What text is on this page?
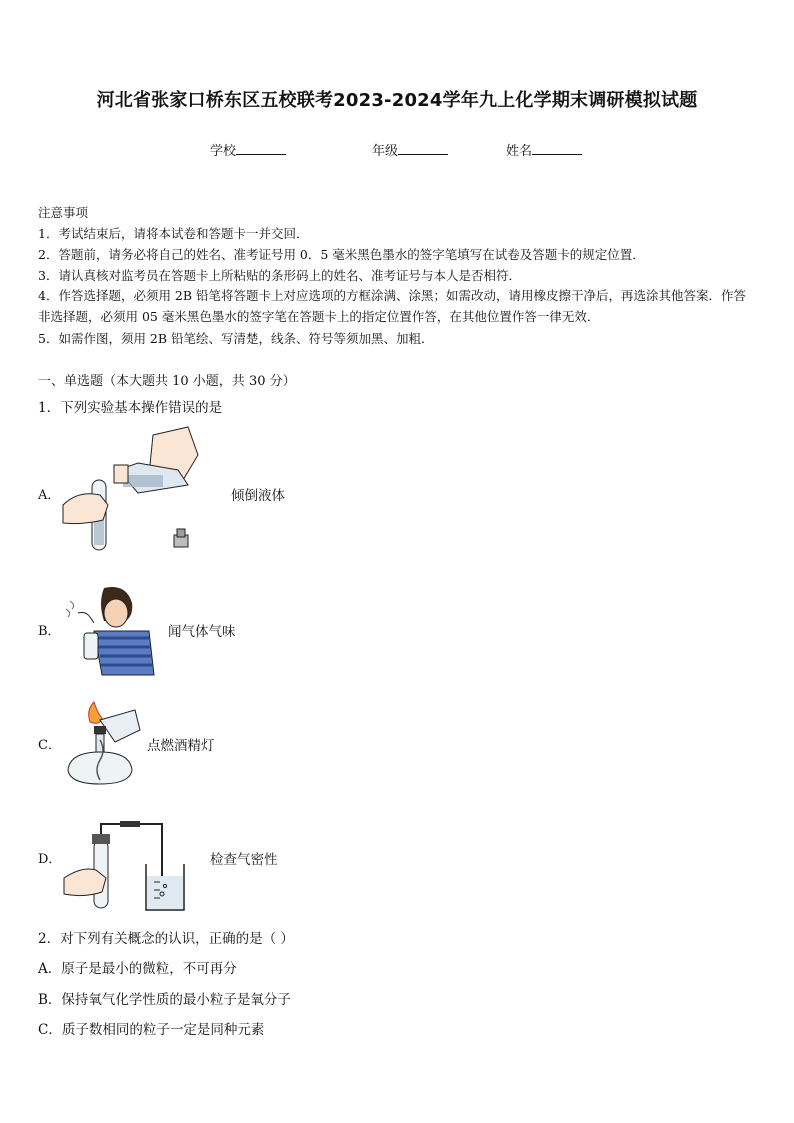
河北省张家口桥东区五校联考2023-2024学年九上化学期末调研模拟试题
学校	年级	姓名
注意事项
1．考试结束后，请将本试卷和答题卡一并交回．
2．答题前，请务必将自己的姓名、准考证号用 0．5 毫米黑色墨水的签字笔填写在试卷及答题卡的规定位置．
3．请认真核对监考员在答题卡上所粘贴的条形码上的姓名、准考证号与本人是否相符．
4．作答选择题，必须用 2B 铅笔将答题卡上对应选项的方框涂满、涂黑；如需改动，请用橡皮擦干净后，再选涂其他答案．作答非选择题，必须用 05 毫米黑色墨水的签字笔在答题卡上的指定位置作答，在其他位置作答一律无效．
5．如需作图，须用 2B 铅笔绘、写清楚，线条、符号等须加黑、加粗．
一、单选题（本大题共 10 小题，共 30 分）
1．下列实验基本操作错误的是
A．	倾倒液体
B．	闻气体气味
C．	点燃酒精灯
D．	检查气密性
2．对下列有关概念的认识，正确的是（ ）
A．原子是最小的微粒，不可再分
B．保持氧气化学性质的最小粒子是氧分子
C．质子数相同的粒子一定是同种元素
